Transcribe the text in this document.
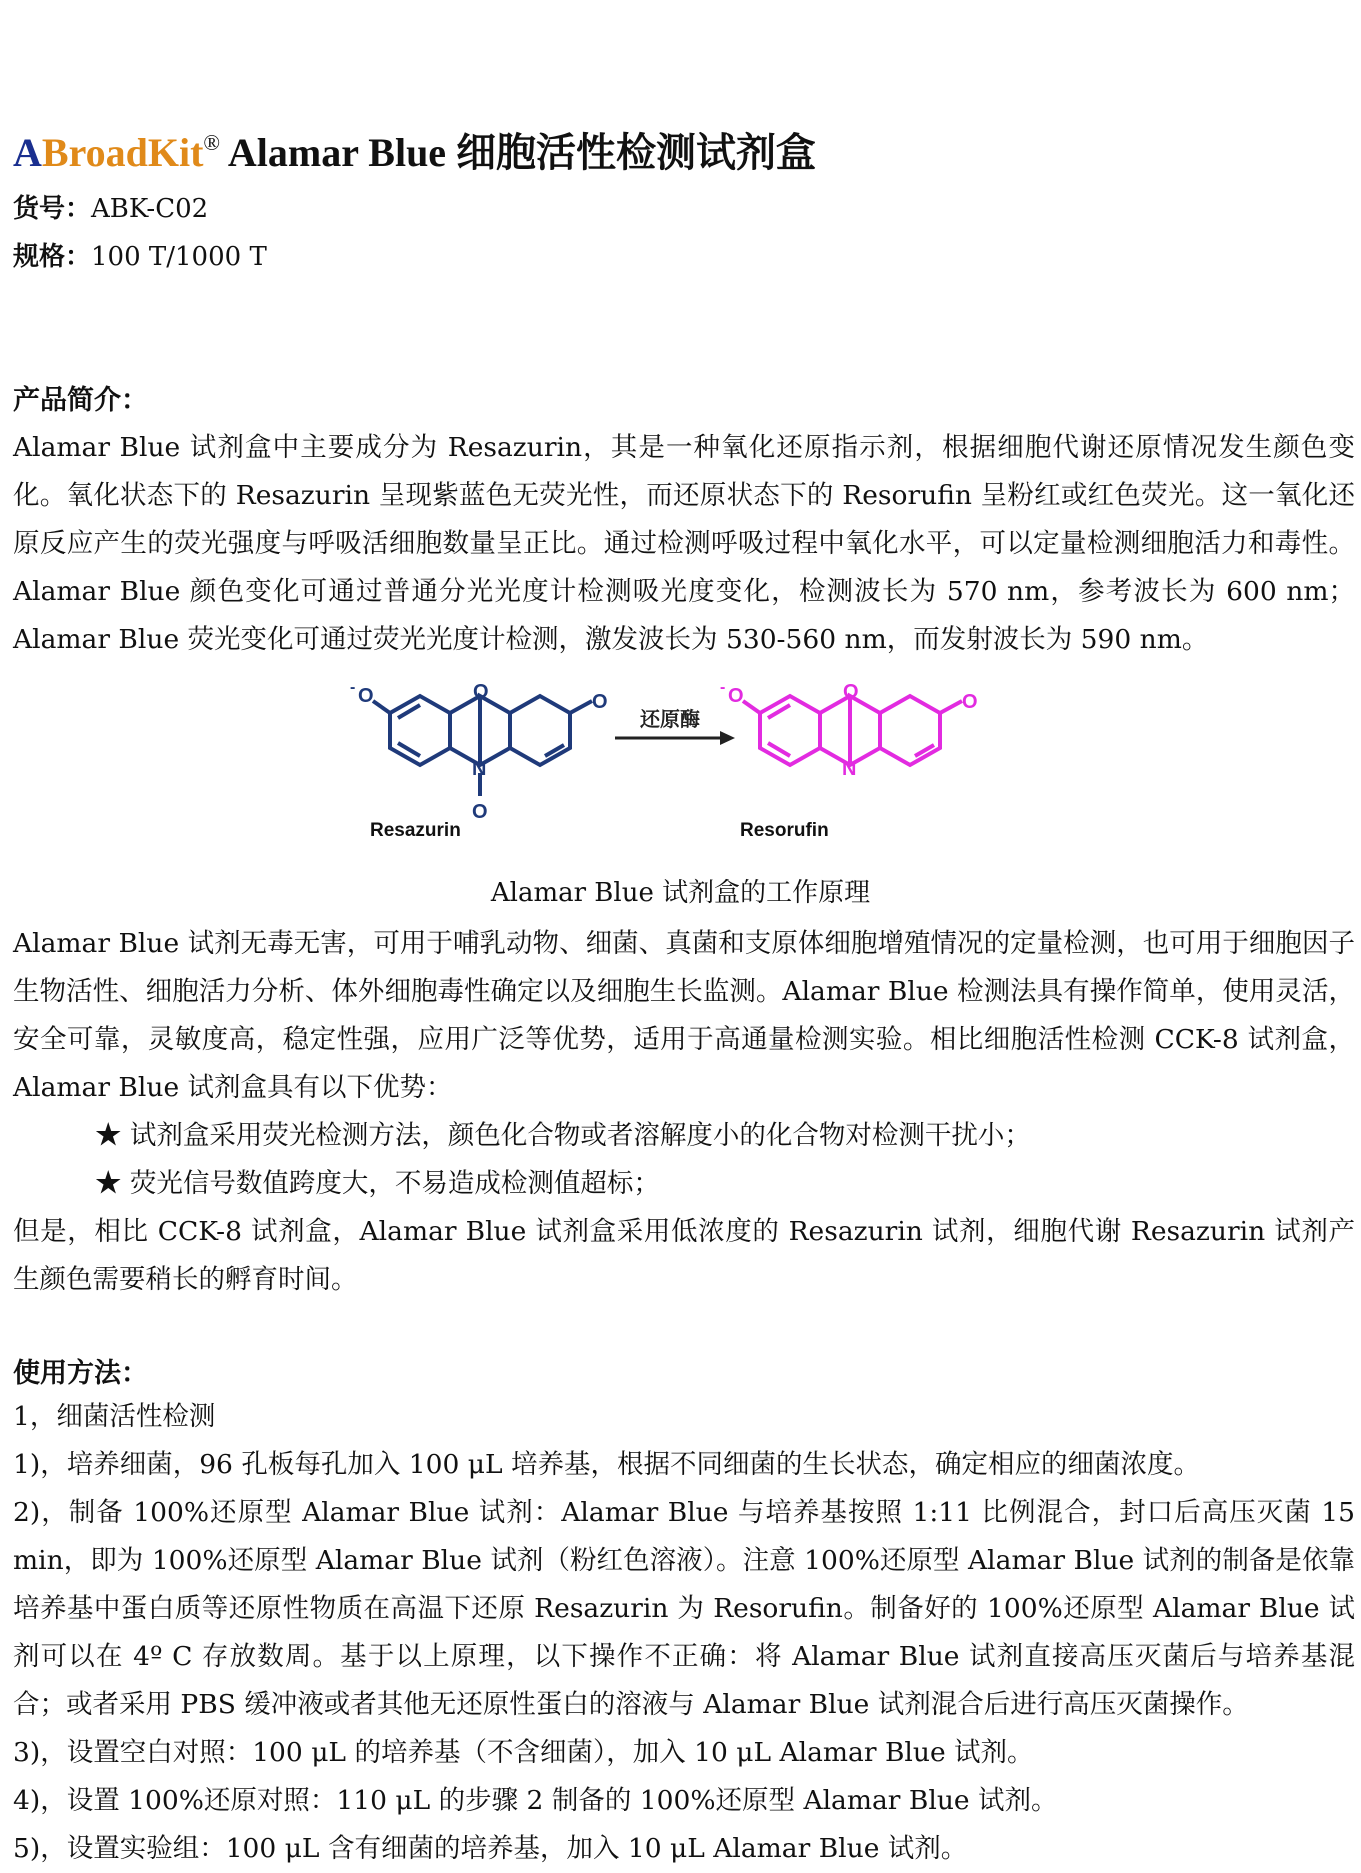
ABroadKit® Alamar Blue 细胞活性检测试剂盒
货号：ABK-C02
规格：100 T/1000 T
产品简介：

Alamar Blue 试剂盒中主要成分为 Resazurin，其是一种氧化还原指示剂，根据细胞代谢还原情况发生颜色变化。氧化状态下的 Resazurin 呈现紫蓝色无荧光性，而还原状态下的 Resorufin 呈粉红或红色荧光。这一氧化还原反应产生的荧光强度与呼吸活细胞数量呈正比。通过检测呼吸过程中氧化水平，可以定量检测细胞活力和毒性。Alamar Blue 颜色变化可通过普通分光光度计检测吸光度变化，检测波长为 570 nm，参考波长为 600 nm；Alamar Blue 荧光变化可通过荧光光度计检测，激发波长为 530-560 nm，而发射波长为 590 nm。

O
N
O
O
O
-
还原酶
O
N
O
O
-
Resazurin	Resorufin
Alamar Blue 试剂盒的工作原理

Alamar Blue 试剂无毒无害，可用于哺乳动物、细菌、真菌和支原体细胞增殖情况的定量检测，也可用于细胞因子生物活性、细胞活力分析、体外细胞毒性确定以及细胞生长监测。Alamar Blue 检测法具有操作简单，使用灵活，安全可靠，灵敏度高，稳定性强，应用广泛等优势，适用于高通量检测实验。相比细胞活性检测 CCK-8 试剂盒，Alamar Blue 试剂盒具有以下优势：

★ 试剂盒采用荧光检测方法，颜色化合物或者溶解度小的化合物对检测干扰小；
★ 荧光信号数值跨度大，不易造成检测值超标；

但是，相比 CCK-8 试剂盒，Alamar Blue 试剂盒采用低浓度的 Resazurin 试剂，细胞代谢 Resazurin 试剂产生颜色需要稍长的孵育时间。

使用方法：

1，细菌活性检测

1)，培养细菌，96 孔板每孔加入 100 μL 培养基，根据不同细菌的生长状态，确定相应的细菌浓度。

2)，制备 100%还原型 Alamar Blue 试剂：Alamar Blue 与培养基按照 1:11 比例混合，封口后高压灭菌 15 min，即为 100%还原型 Alamar Blue 试剂（粉红色溶液）。注意 100%还原型 Alamar Blue 试剂的制备是依靠培养基中蛋白质等还原性物质在高温下还原 Resazurin 为 Resorufin。制备好的 100%还原型 Alamar Blue 试剂可以在 4º C 存放数周。基于以上原理，以下操作不正确：将 Alamar Blue 试剂直接高压灭菌后与培养基混合；或者采用 PBS 缓冲液或者其他无还原性蛋白的溶液与 Alamar Blue 试剂混合后进行高压灭菌操作。

3)，设置空白对照：100 μL 的培养基（不含细菌），加入 10 μL Alamar Blue 试剂。

4)，设置 100%还原对照：110 μL 的步骤 2 制备的 100%还原型 Alamar Blue 试剂。

5)，设置实验组：100 μL 含有细菌的培养基，加入 10 μL Alamar Blue 试剂。
